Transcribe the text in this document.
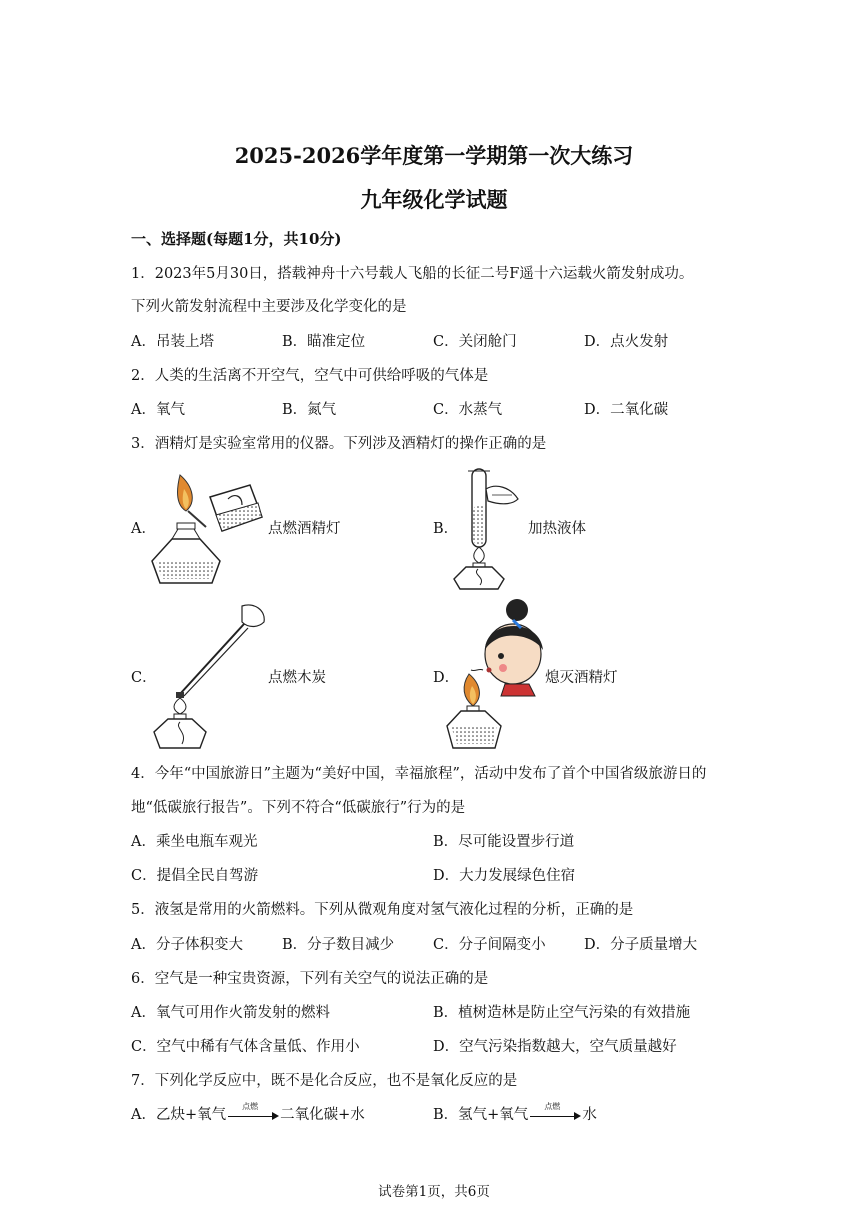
2025-2026学年度第一学期第一次大练习
九年级化学试题
一、选择题(每题1分，共10分)
1．2023年5月30日，搭载神舟十六号载人飞船的长征二号F遥十六运载火箭发射成功。
下列火箭发射流程中主要涉及化学变化的是
A．吊装上塔	B．瞄准定位	C．关闭舱门	D．点火发射
2．人类的生活离不开空气，空气中可供给呼吸的气体是
A．氧气	B．氮气	C．水蒸气	D．二氧化碳
3．酒精灯是实验室常用的仪器。下列涉及酒精灯的操作正确的是
A．	点燃酒精灯	B．	加热液体
C．	点燃木炭	D．	熄灭酒精灯
4．今年“中国旅游日”主题为“美好中国，幸福旅程”，活动中发布了首个中国省级旅游日的
地“低碳旅行报告”。下列不符合“低碳旅行”行为的是
A．乘坐电瓶车观光	B．尽可能设置步行道
C．提倡全民自驾游	D．大力发展绿色住宿
5．液氢是常用的火箭燃料。下列从微观角度对氢气液化过程的分析，正确的是
A．分子体积变大	B．分子数目减少	C．分子间隔变小	D．分子质量增大
6．空气是一种宝贵资源，下列有关空气的说法正确的是
A．氧气可用作火箭发射的燃料	B．植树造林是防止空气污染的有效措施
C．空气中稀有气体含量低、作用小	D．空气污染指数越大，空气质量越好
7．下列化学反应中，既不是化合反应，也不是氧化反应的是
A．乙炔+氧气
点燃
二氧化碳+水	B．氢气+氧气
点燃
水
试卷第1页，共6页
